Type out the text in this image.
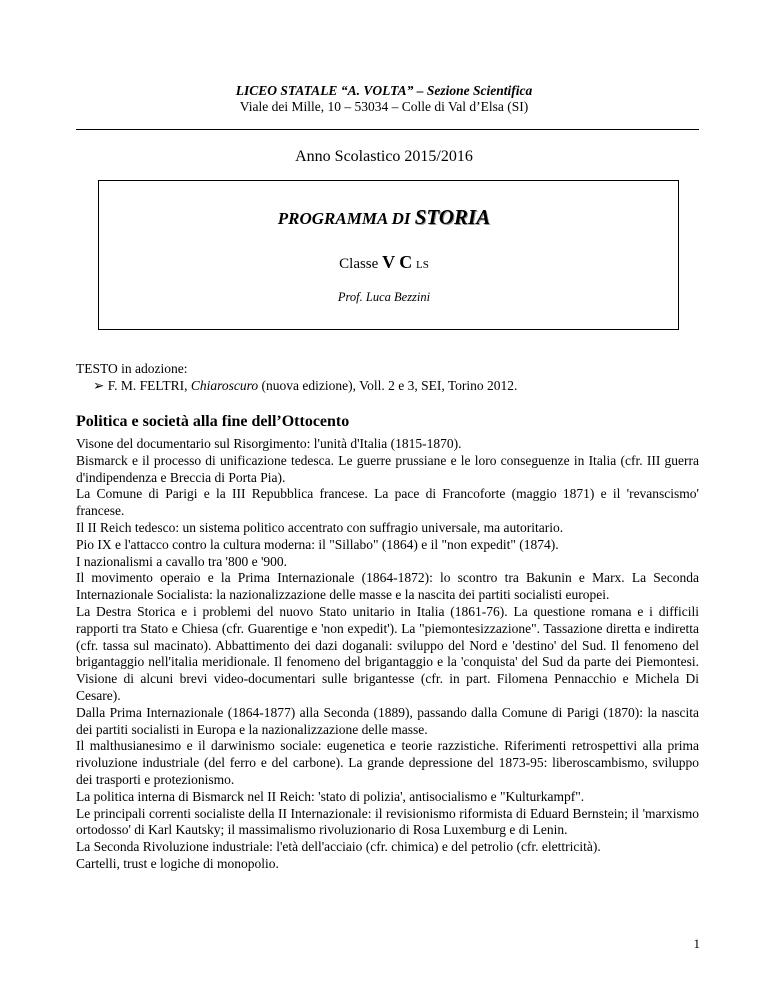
LICEO STATALE “A. VOLTA” – Sezione Scientifica
Viale dei Mille, 10 – 53034 – Colle di Val d’Elsa (SI)
Anno Scolastico 2015/2016
PROGRAMMA DI STORIA
Classe V C LS
Prof. Luca Bezzini
TESTO in adozione:
➢ F. M. FELTRI, Chiaroscuro (nuova edizione), Voll. 2 e 3, SEI, Torino 2012.
Politica e società alla fine dell’Ottocento

Visone del documentario sul Risorgimento: l'unità d'Italia (1815-1870).

Bismarck e il processo di unificazione tedesca. Le guerre prussiane e le loro conseguenze in Italia (cfr. III guerra d'indipendenza e Breccia di Porta Pia).

La Comune di Parigi e la III Repubblica francese. La pace di Francoforte (maggio 1871) e il 'revanscismo' francese.

Il II Reich tedesco: un sistema politico accentrato con suffragio universale, ma autoritario.

Pio IX e l'attacco contro la cultura moderna: il "Sillabo" (1864) e il "non expedit" (1874).

I nazionalismi a cavallo tra '800 e '900.

Il movimento operaio e la Prima Internazionale (1864-1872): lo scontro tra Bakunin e Marx. La Seconda Internazionale Socialista: la nazionalizzazione delle masse e la nascita dei partiti socialisti europei.

La Destra Storica e i problemi del nuovo Stato unitario in Italia (1861-76). La questione romana e i difficili rapporti tra Stato e Chiesa (cfr. Guarentige e 'non expedit'). La "piemontesizzazione". Tassazione diretta e indiretta (cfr. tassa sul macinato). Abbattimento dei dazi doganali: sviluppo del Nord e 'destino' del Sud. Il fenomeno del brigantaggio nell'italia meridionale. Il fenomeno del brigantaggio e la 'conquista' del Sud da parte dei Piemontesi. Visione di alcuni brevi video-documentari sulle brigantesse (cfr. in part. Filomena Pennacchio e Michela Di Cesare).

Dalla Prima Internazionale (1864-1877) alla Seconda (1889), passando dalla Comune di Parigi (1870): la nascita dei partiti socialisti in Europa e la nazionalizzazione delle masse.

Il malthusianesimo e il darwinismo sociale: eugenetica e teorie razzistiche. Riferimenti retrospettivi alla prima rivoluzione industriale (del ferro e del carbone). La grande depressione del 1873-95: liberoscambismo, sviluppo dei trasporti e protezionismo.

La politica interna di Bismarck nel II Reich: 'stato di polizia', antisocialismo e "Kulturkampf".

Le principali correnti socialiste della II Internazionale: il revisionismo riformista di Eduard Bernstein; il 'marxismo ortodosso' di Karl Kautsky; il massimalismo rivoluzionario di Rosa Luxemburg e di Lenin.

La Seconda Rivoluzione industriale: l'età dell'acciaio (cfr. chimica) e del petrolio (cfr. elettricità).

Cartelli, trust e logiche di monopolio.

1
